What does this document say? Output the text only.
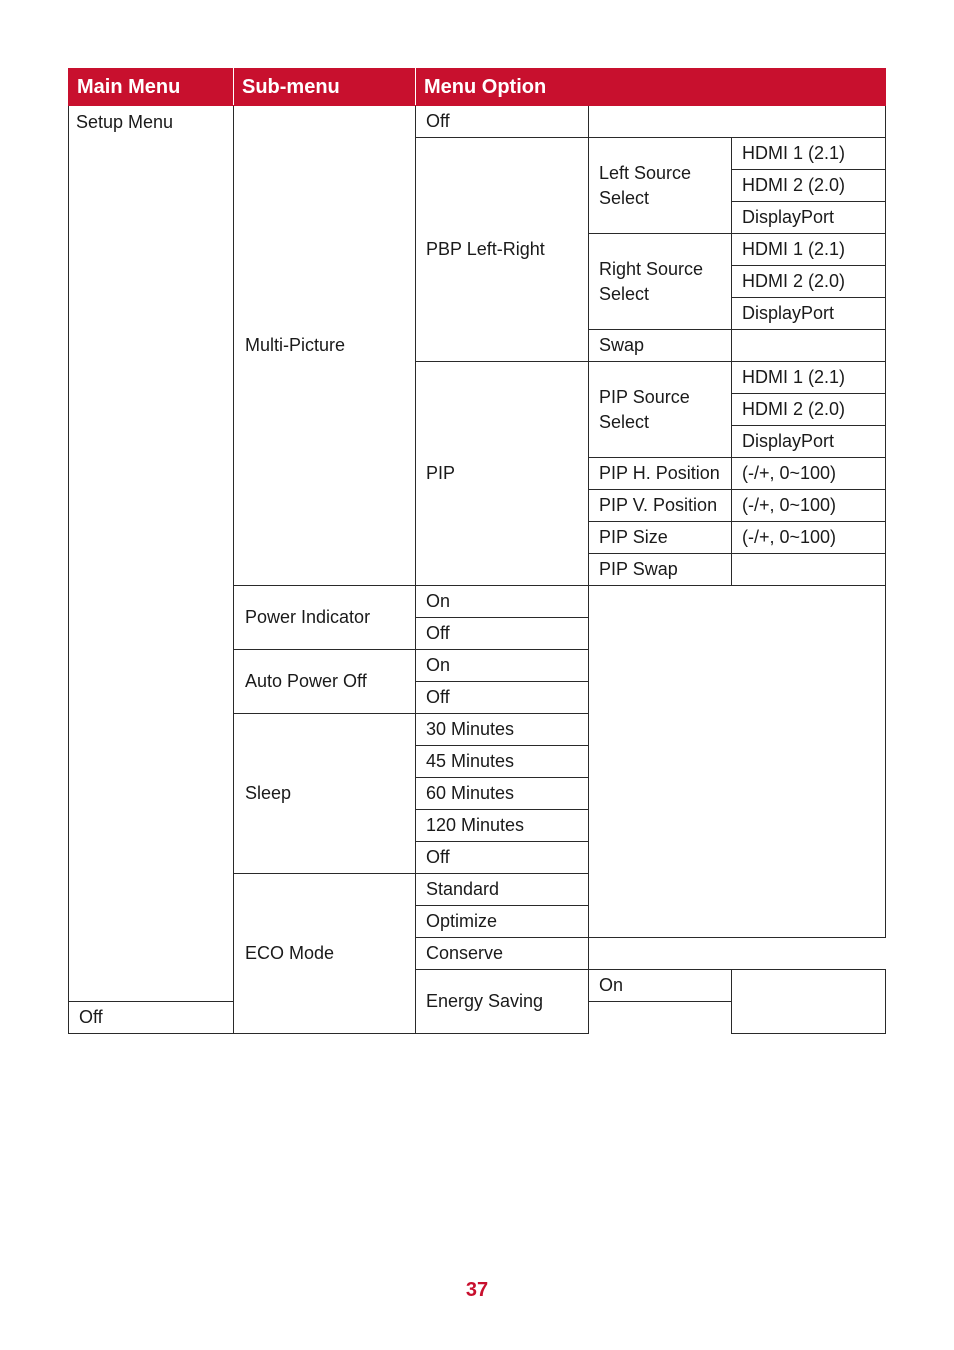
Main Menu	Sub-menu	Menu Option		
Setup Menu	Multi-Picture	Off		
		PBP Left-Right	Left Source Select	HDMI 1 (2.1)
				HDMI 2 (2.0)
				DisplayPort
			Right Source Select	HDMI 1 (2.1)
				HDMI 2 (2.0)
				DisplayPort
			Swap	
		PIP	PIP Source Select	HDMI 1 (2.1)
				HDMI 2 (2.0)
				DisplayPort
			PIP H. Position	(-/+, 0~100)
			PIP V. Position	(-/+, 0~100)
			PIP Size	(-/+, 0~100)
			PIP Swap	
	Power Indicator	On		
		Off		
	Auto Power Off	On		
		Off		
	Sleep	30 Minutes		
		45 Minutes		
		60 Minutes		
		120 Minutes		
		Off		
	ECO Mode	Standard		
		Optimize		
		Conserve		
		Energy Saving	On	
Off				
37
